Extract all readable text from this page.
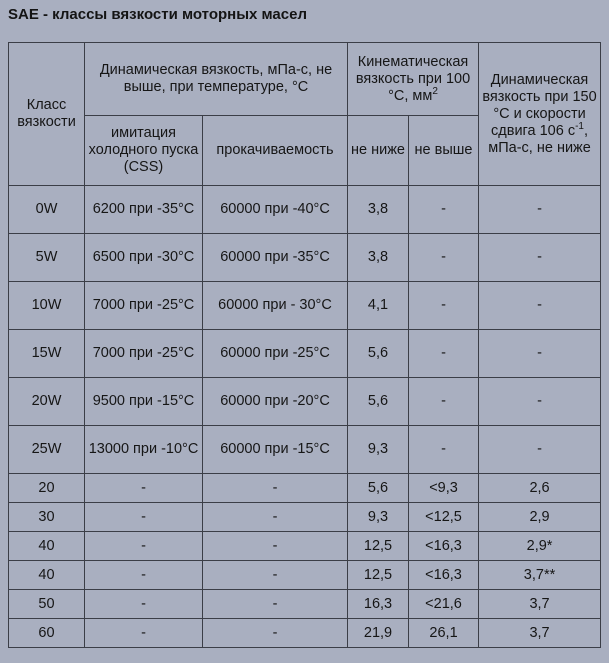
SAE - классы вязкости моторных масел
Класс вязкости	Динамическая вязкость, мПа-с, не выше, при температуре, °С		Кинематическая вязкость при 100 °С, $мм^2$		Динамическая вязкость при 150 °С и скорости сдвига 106 $с^{-1}$, мПа-с, не ниже
	имитация холодного пуска (CSS)	прокачиваемость	не ниже	не выше	
0W	6200 при -35°С	60000 при -40°С	3,8	-	-
5W	6500 при -30°С	60000 при -35°С	3,8	-	-
10W	7000 при -25°С	60000 при - 30°С	4,1	-	-
15W	7000 при -25°С	60000 при -25°С	5,6	-	-
20W	9500 при -15°С	60000 при -20°С	5,6	-	-
25W	13000 при -10°С	60000 при -15°С	9,3	-	-
20	-	-	5,6	<9,3	2,6
30	-	-	9,3	<12,5	2,9
40	-	-	12,5	<16,3	2,9*
40	-	-	12,5	<16,3	3,7**
50	-	-	16,3	<21,6	3,7
60	-	-	21,9	26,1	3,7
